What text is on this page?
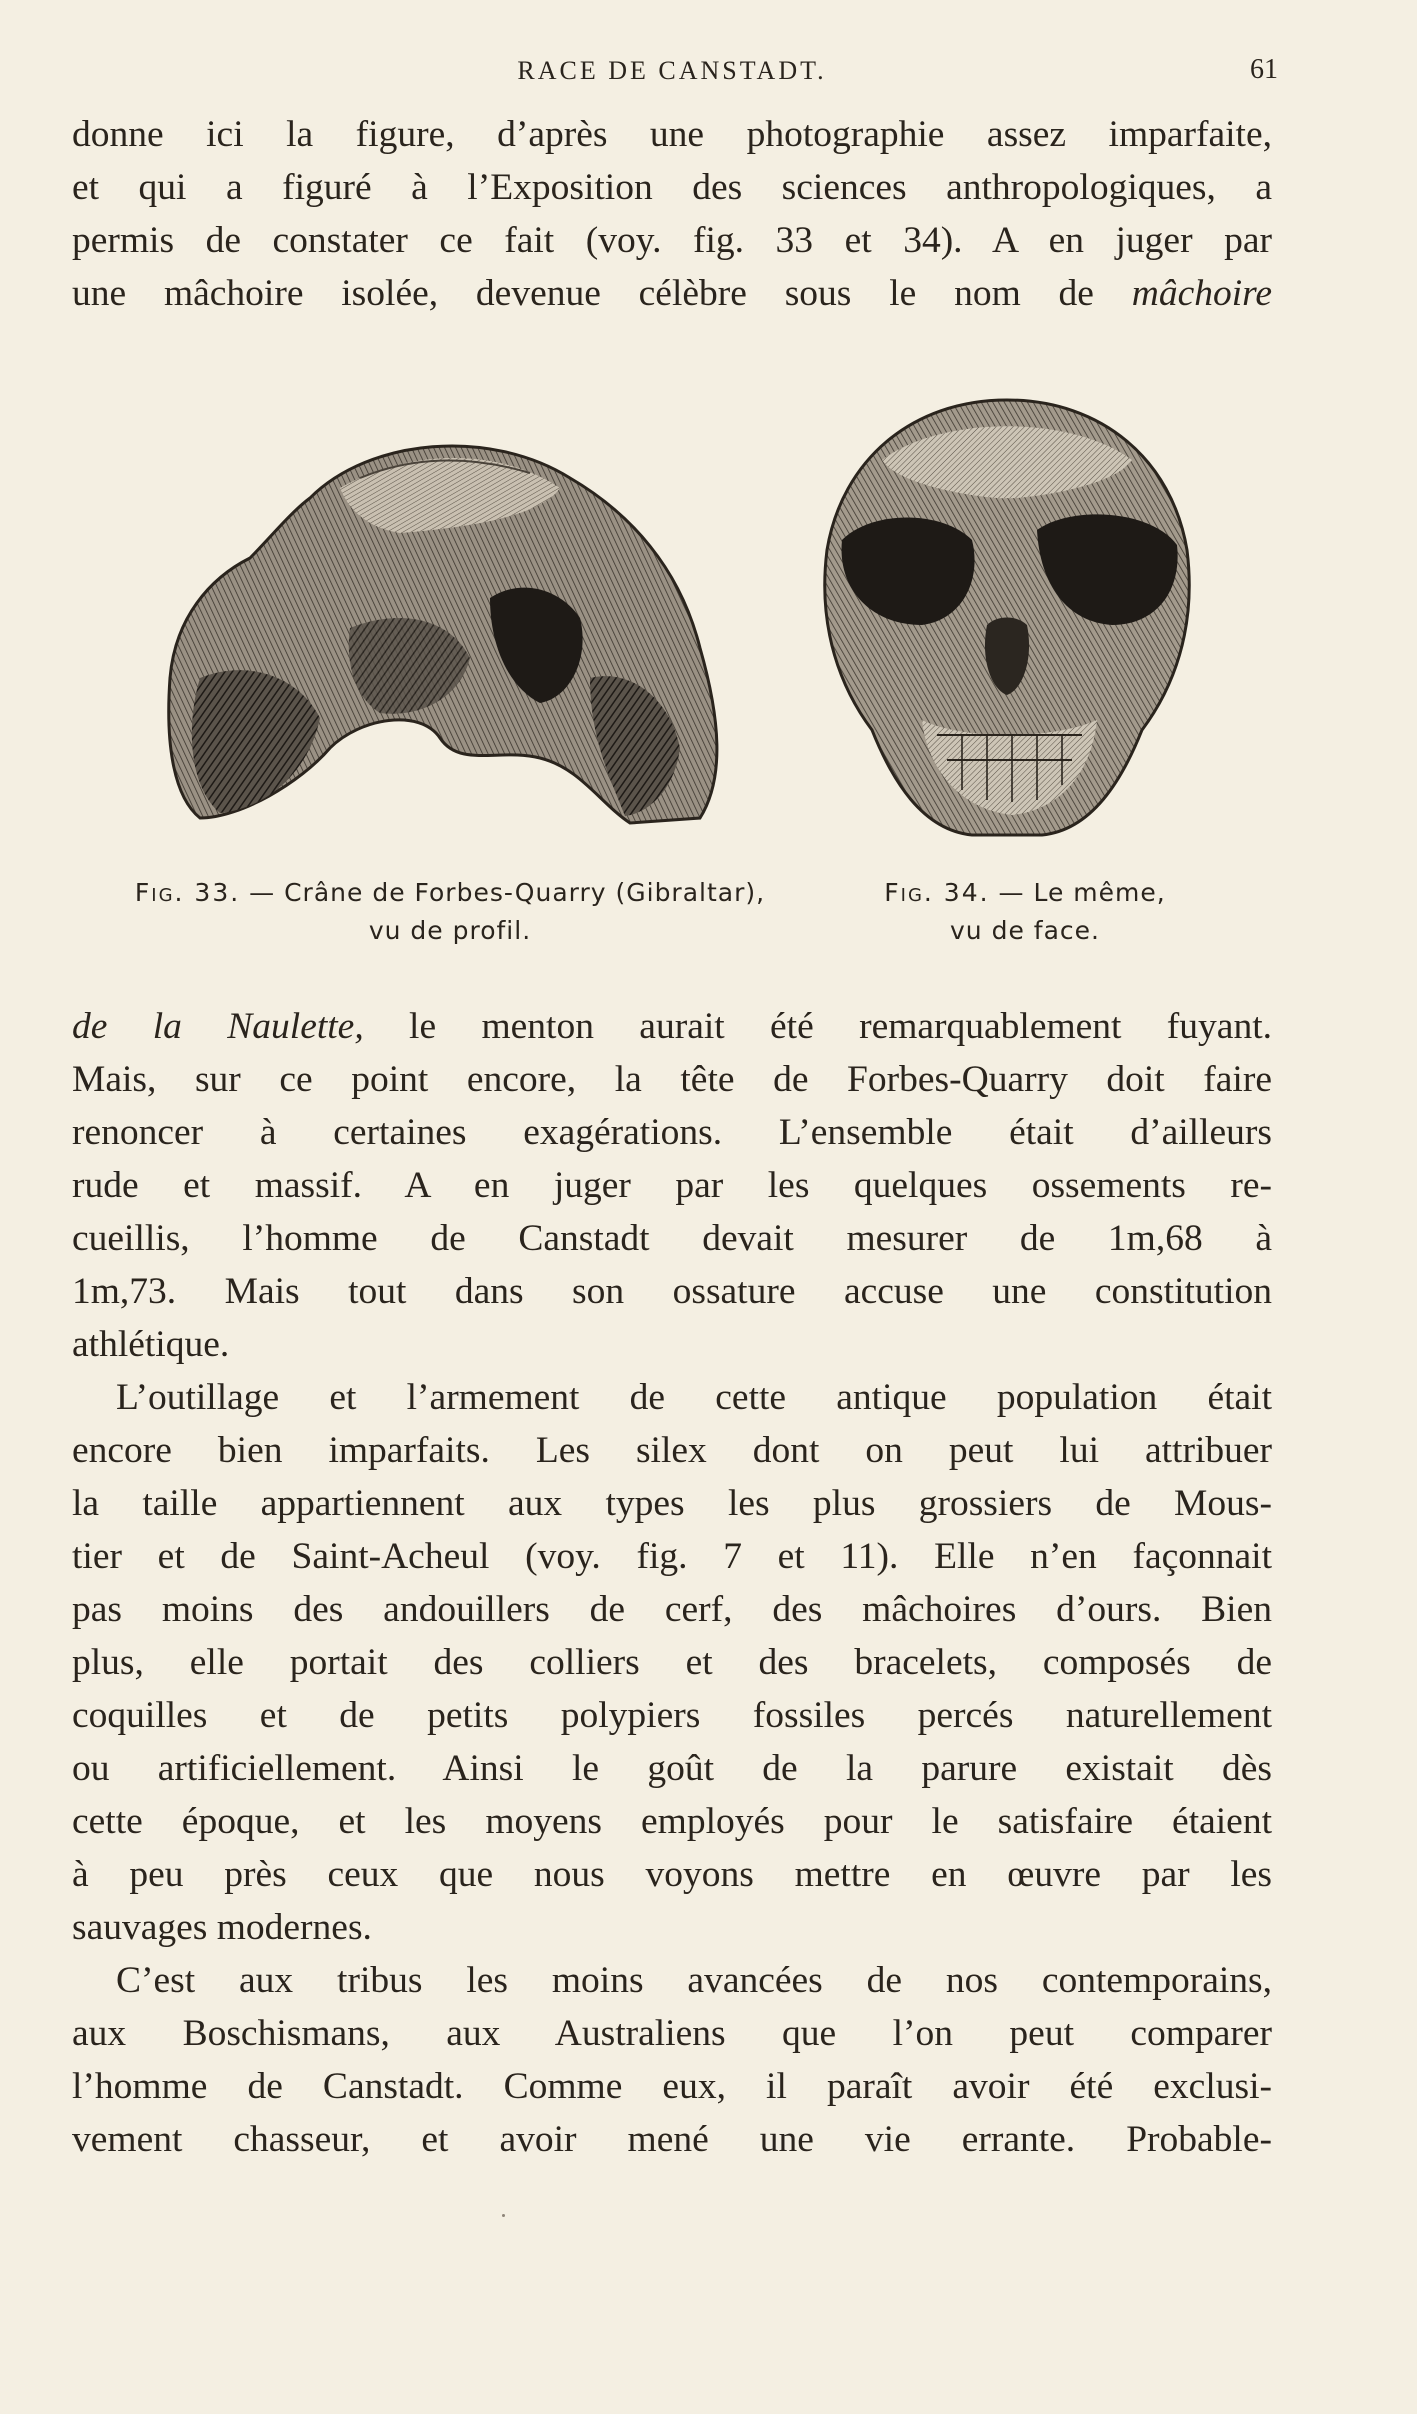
RACE DE CANSTADT.	61
donne ici la figure, d’après une photographie assez imparfaite,
et qui a figuré à l’Exposition des sciences anthropologiques, a
permis de constater ce fait (voy. fig. 33 et 34). A en juger par
une mâchoire isolée, devenue célèbre sous le nom de mâchoire
Fig. 33. — Crâne de Forbes-Quarry (Gibraltar),
vu de profil.
Fig. 34. — Le même,
vu de face.
de la Naulette, le menton aurait été remarquablement fuyant.
Mais, sur ce point encore, la tête de Forbes-Quarry doit faire
renoncer à certaines exagérations. L’ensemble était d’ailleurs
rude et massif. A en juger par les quelques ossements re-
cueillis, l’homme de Canstadt devait mesurer de 1m,68 à
1m,73. Mais tout dans son ossature accuse une constitution
athlétique.
L’outillage et l’armement de cette antique population était
encore bien imparfaits. Les silex dont on peut lui attribuer
la taille appartiennent aux types les plus grossiers de Mous-
tier et de Saint-Acheul (voy. fig. 7 et 11). Elle n’en façonnait
pas moins des andouillers de cerf, des mâchoires d’ours. Bien
plus, elle portait des colliers et des bracelets, composés de
coquilles et de petits polypiers fossiles percés naturellement
ou artificiellement. Ainsi le goût de la parure existait dès
cette époque, et les moyens employés pour le satisfaire étaient
à peu près ceux que nous voyons mettre en œuvre par les
sauvages modernes.
C’est aux tribus les moins avancées de nos contemporains,
aux Boschismans, aux Australiens que l’on peut comparer
l’homme de Canstadt. Comme eux, il paraît avoir été exclusi-
vement chasseur, et avoir mené une vie errante. Probable-
